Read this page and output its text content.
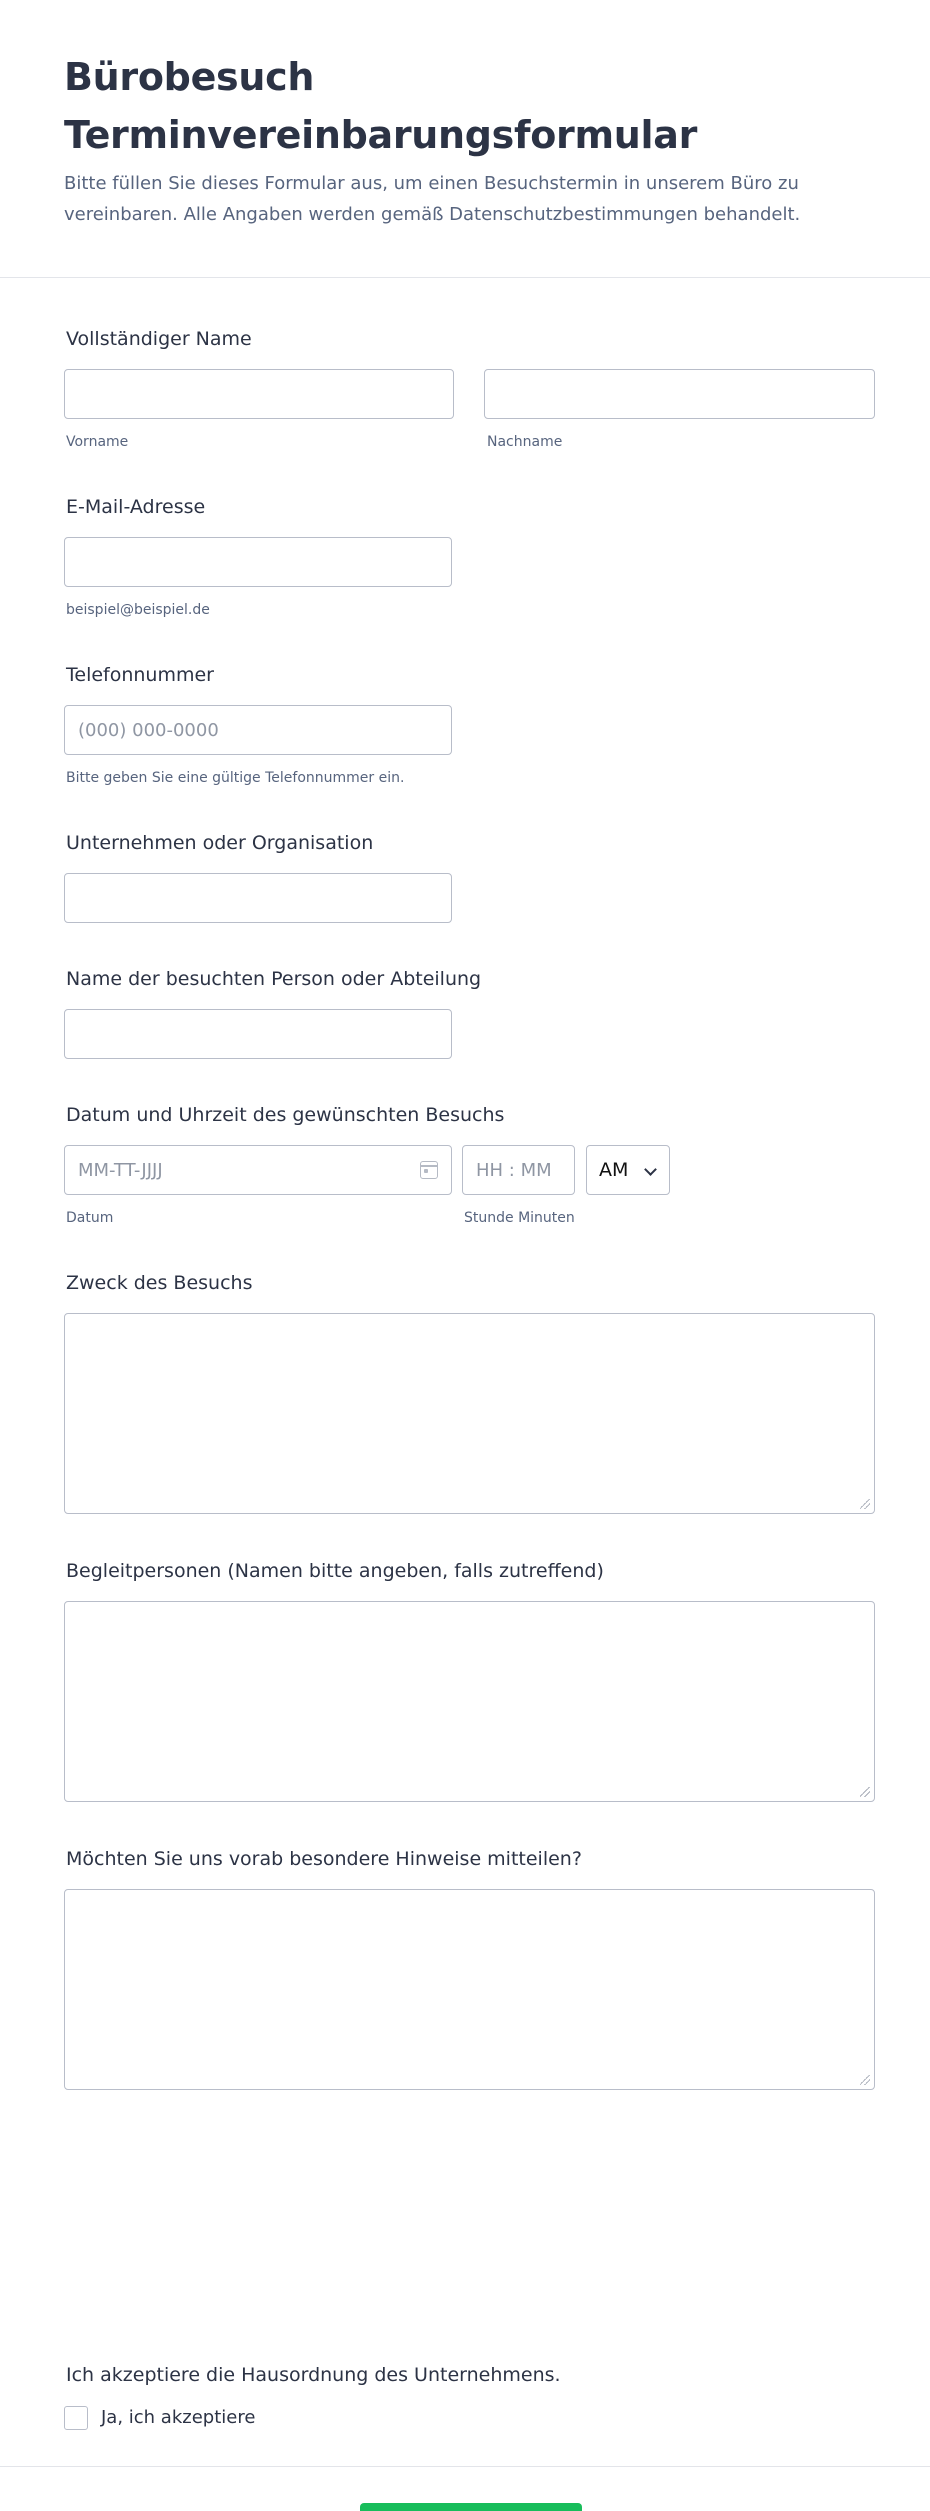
Bürobesuch
Terminvereinbarungsformular

Bitte füllen Sie dieses Formular aus, um einen Besuchstermin in unserem Büro zu vereinbaren. Alle Angaben werden gemäß Datenschutzbestimmungen behandelt.

Vollständiger Name
Vorname	Nachname
E-Mail-Adresse
beispiel@beispiel.de
Telefonnummer
(000) 000-0000
Bitte geben Sie eine gültige Telefonnummer ein.
Unternehmen oder Organisation
Name der besuchten Person oder Abteilung
Datum und Uhrzeit des gewünschten Besuchs
MM-TT-JJJJ
HH : MM
AM
Datum	Stunde Minuten
Zweck des Besuchs
Begleitpersonen (Namen bitte angeben, falls zutreffend)
Möchten Sie uns vorab besondere Hinweise mitteilen?
Ich akzeptiere die Hausordnung des Unternehmens.
Ja, ich akzeptiere
